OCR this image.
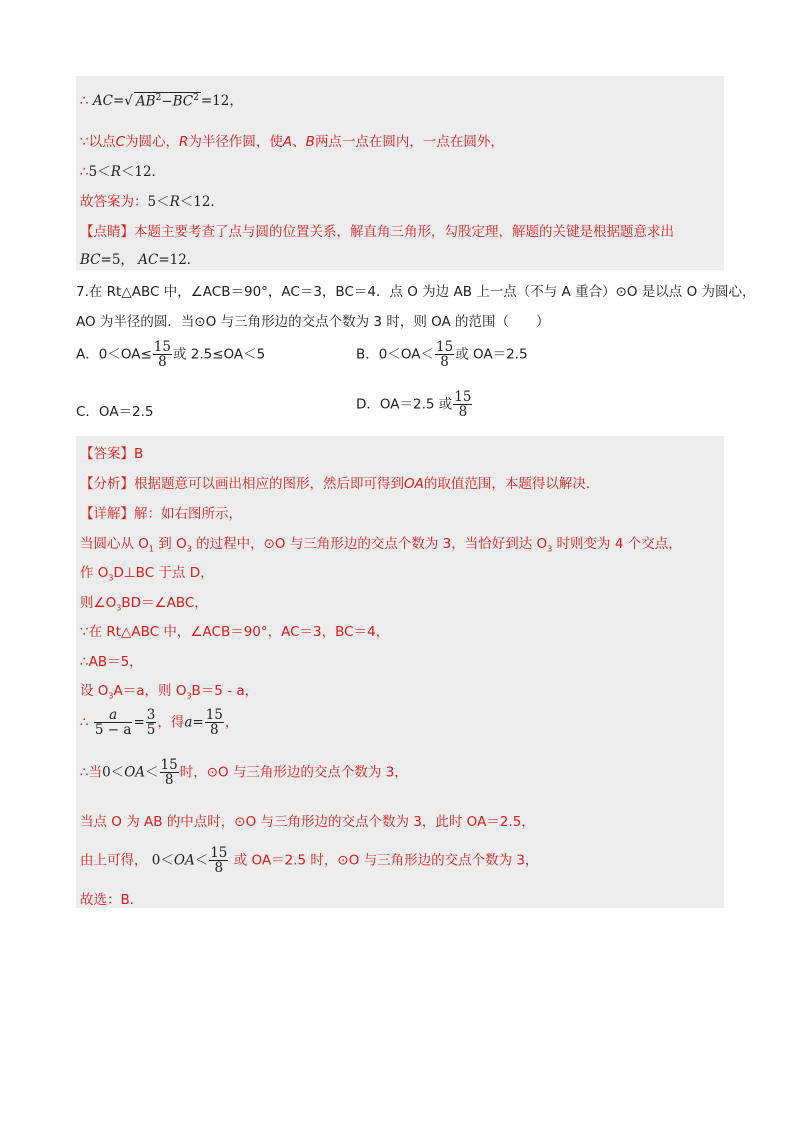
∴ AC=√ $AB^2-BC^2 =12$，
∵以点C为圆心，R为半径作圆，使A、B两点一点在圆内，一点在圆外，
∴5＜R＜12．
故答案为：5＜R＜12．
【点睛】本题主要考查了点与圆的位置关系，解直角三角形，勾股定理，解题的关键是根据题意求出
BC=5， AC=12．
7.在 Rt△ABC 中，∠ACB＝90°，AC＝3，BC＝4．点 O 为边 AB 上一点（不与 A 重合）⊙O 是以点 O 为圆心，
AO 为半径的圆．当⊙O 与三角形边的交点个数为 3 时，则 OA 的范围（　　）
A．$0<OA\le \frac{15}{8}$ 或 2.5≤OA＜5	B．$0<OA< \frac{15}{8}$ 或 OA＝2.5
C．OA＝2.5	D．OA＝2.5 或 $\frac{15}{8}$
【答案】B
【分析】根据题意可以画出相应的图形，然后即可得到OA的取值范围，本题得以解决．
【详解】解：如右图所示，
当圆心从 $O_1$ 到 $O_3$ 的过程中，⊙O 与三角形边的交点个数为 3，当恰好到达 $O_3$ 时则变为 4 个交点，
作 $O_3D\perp BC$ 于点 D，
则$\angle O_3BD=\angle ABC$，
∵在 Rt△ABC 中，∠ACB＝90°，AC＝3，BC＝4，
∴AB＝5，
设 $O_3A=a$，则 $O_3B=5 - a$，
∴ $\frac{a}{5 - a} = \frac{3}{5}$ ，得$a= \frac{15}{8}$ ，
∴当$0<OA< \frac{15}{8}$ 时，⊙O 与三角形边的交点个数为 3，
当点 O 为 AB 的中点时，⊙O 与三角形边的交点个数为 3，此时 OA＝2.5，
由上可得， $0<OA< \frac{15}{8}$ 或 OA＝2.5 时，⊙O 与三角形边的交点个数为 3，
故选：B．
